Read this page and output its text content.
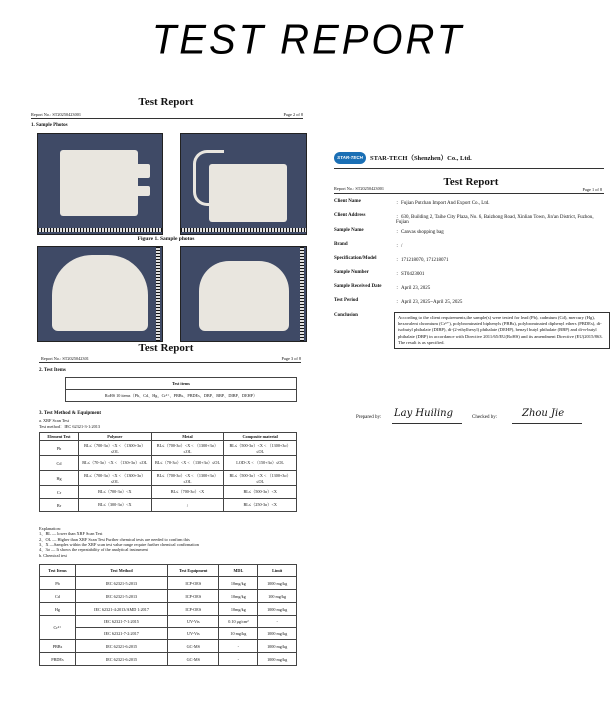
TEST REPORT
Test Report
Report No.: ST20250423001	Page 2 of 8
1. Sample Photos
Figure 1. Sample photos
Test Report
Report No.: ST2025042301	Page 3 of 8
2. Test Items
Test items
RoHS 10 items（Pb、Cd、Hg、Cr⁶⁺、PBBs、PBDEs、DBP、BBP、DIBP、DEHP）
3. Test Method & Equipment
a. XRF Scan Test
Test method：IEC 62321-3-1:2013
Element Test	Polymer	Metal	Composite material
Pb	BL≤（700-3σ）<X < （1300+3σ）≤OL	BL≤（700-3σ）<X < （1300+3σ）≤OL	BL≤（500-3σ）<X < （1300+3σ）≤OL
Cd	BL≤（70-3σ）<X < （130+3σ）≤OL	BL≤（70-3σ）<X < （130+3σ）≤OL	LOD<X < （150+3σ）≤OL
Hg	BL≤（700-3σ）<X < （1300+3σ）≤OL	BL≤（700-3σ）<X < （1300+3σ）≤OL	BL≤（500-3σ）<X < （1300+3σ）≤OL
Cr	BL≤（700-3σ）<X	BL≤（700-3σ）<X	BL≤（500-3σ）<X
Br	BL≤（300-3σ）<X	/	BL≤（250-3σ）<X
Explanation:
1、BL — lower than XRF Scan Test
2、OL — Higher than XRF Scan Test Further chemical tests are needed to confirm this
3、X —Samples within the XRF scan test value range require further chemical confirmation
4、3σ — It shows the repeatability of the analytical instrument
b. Chemical test
Test Items	Test Method	Test Equipment	MDL	Limit
Pb	IEC 62321-5:2013	ICP-OES	10mg/kg	1000 mg/kg
Cd	IEC 62321-5:2013	ICP-OES	10mg/kg	100 mg/kg
Hg	IEC 62321-4:2013/AMD 1:2017	ICP-OES	10mg/kg	1000 mg/kg
Cr⁶⁺	IEC 62321-7-1:2015	UV-Vis	0.10 μg/cm²	-
	IEC 62321-7-2:2017	UV-Vis	10 mg/kg	1000 mg/kg
PBBs	IEC 62321-6:2015	GC-MS	-	1000 mg/kg
PBDEs	IEC 62321-6:2015	GC-MS	-	1000 mg/kg
STAR-TECH	STAR-TECH（Shenzhen）Co., Ltd.
Report No.: ST20250423001	Page 1 of 8
Test Report
Client Name	：Fujian Putchan Import And Export Co., Ltd.
Client Address	：630, Building 2, Taihe City Plaza, No. 6, Baizhong Road, Xinlian Town, Jin'an District, Fuzhou, Fujian
Sample Name	：Canvas shopping bag
Brand	：/
Specification/Model	：171218070, 171218071
Sample Number	：ST0423001
Sample Received Date	：April 23, 2025
Test Period	：April 23, 2025~April 25, 2025
Conclusion	According to the client requirements,the sample(s) were tested for lead (Pb), cadmium (Cd), mercury (Hg), hexavalent chromium (Cr⁶⁺), polybrominated biphenyls (PBBs), polybrominated diphenyl ethers (PBDEs), di-isobutyl phthalate (DIBP), di-(2-ethylhexyl) phthalate (DEHP), benzyl butyl phthalate (BBP) and di-n-butyl phthalate (DBP) in accordance with Directive 2011/65/EU(RoHS) and its amendment Directive (EU)2015/863.
The result is as specified.
Prepared by: Lay Huiling	Checked by: Zhou Jie
